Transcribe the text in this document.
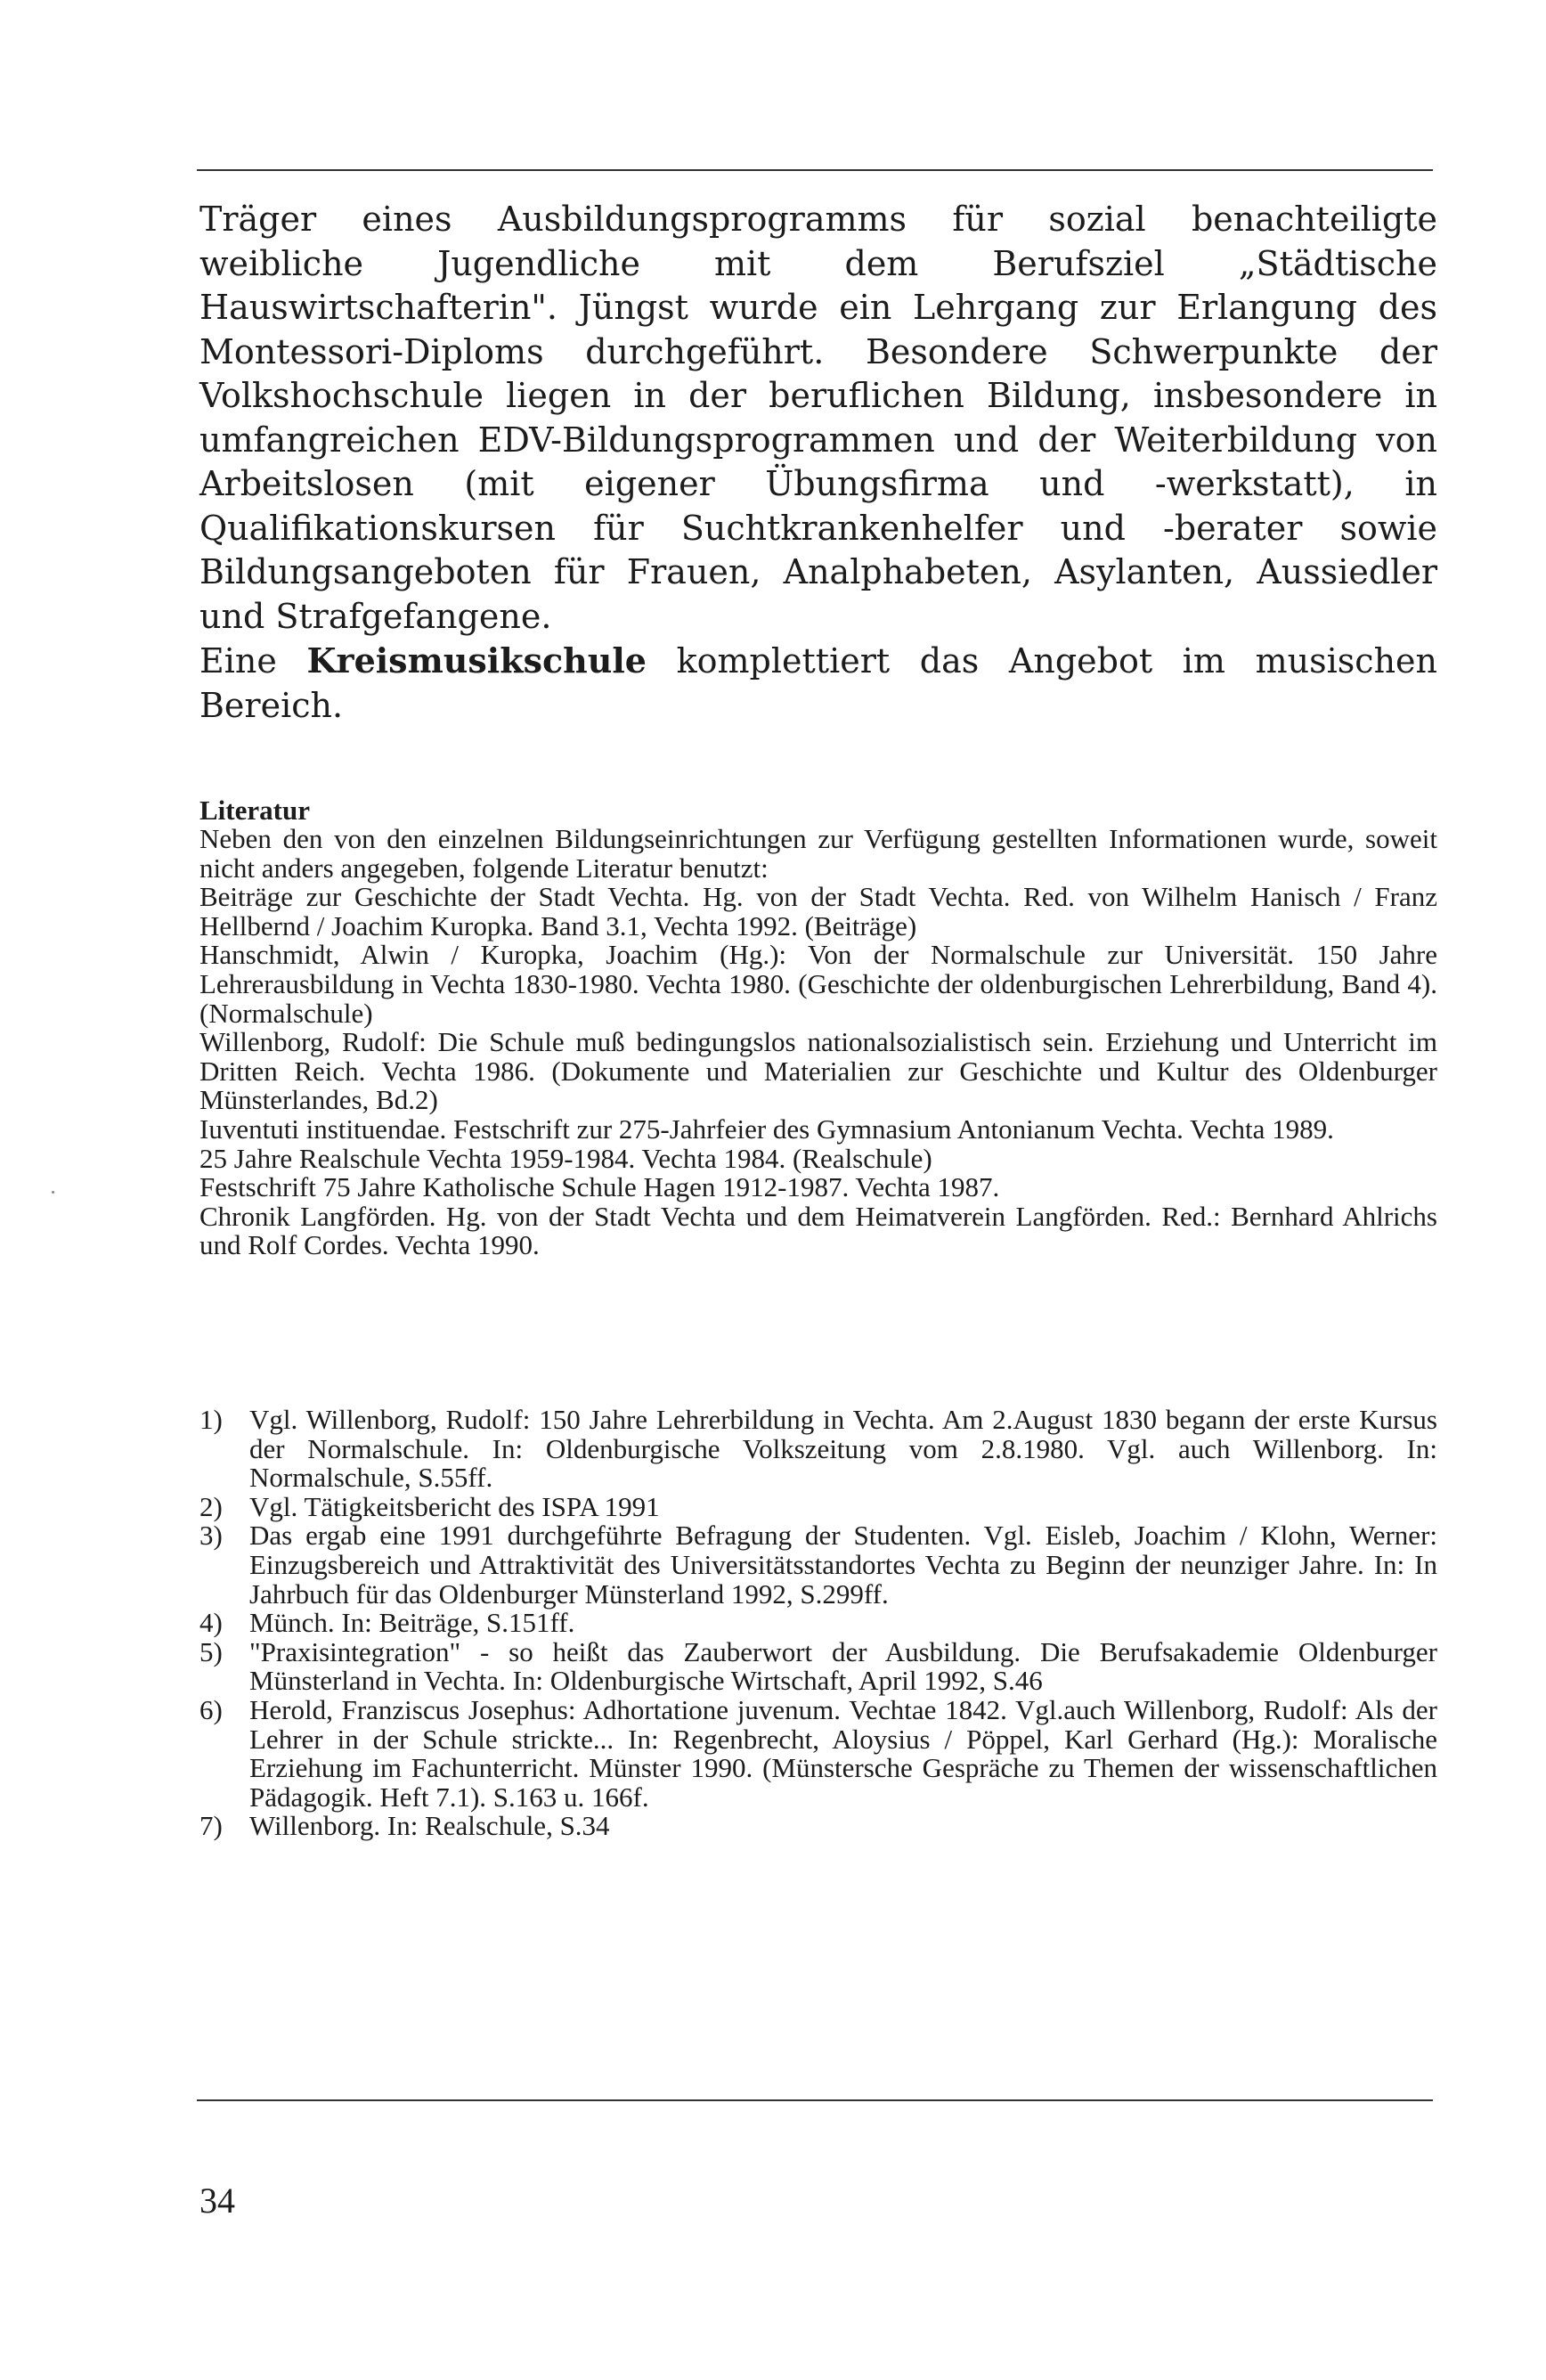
Träger eines Ausbildungsprogramms für sozial benachteiligte weibliche Jugendliche mit dem Berufsziel „Städtische Hauswirtschafterin". Jüngst wurde ein Lehrgang zur Erlangung des Montessori-Diploms durchgeführt. Besondere Schwerpunkte der Volkshochschule liegen in der beruflichen Bildung, insbesondere in umfangreichen EDV-Bildungsprogrammen und der Weiterbildung von Arbeitslosen (mit eigener Übungsfirma und -werkstatt), in Qualifikationskursen für Suchtkrankenhelfer und -berater sowie Bildungsangeboten für Frauen, Analphabeten, Asylanten, Aussiedler und Strafgefangene.

Eine Kreismusikschule komplettiert das Angebot im musischen Bereich.

Literatur

Neben den von den einzelnen Bildungseinrichtungen zur Verfügung gestellten Informationen wurde, soweit nicht anders angegeben, folgende Literatur benutzt:

Beiträge zur Geschichte der Stadt Vechta. Hg. von der Stadt Vechta. Red. von Wilhelm Hanisch / Franz Hellbernd / Joachim Kuropka. Band 3.1, Vechta 1992. (Beiträge)

Hanschmidt, Alwin / Kuropka, Joachim (Hg.): Von der Normalschule zur Universität. 150 Jahre Lehrerausbildung in Vechta 1830-1980. Vechta 1980. (Geschichte der oldenburgischen Lehrerbildung, Band 4). (Normalschule)

Willenborg, Rudolf: Die Schule muß bedingungslos nationalsozialistisch sein. Erziehung und Unterricht im Dritten Reich. Vechta 1986. (Dokumente und Materialien zur Geschichte und Kultur des Oldenburger Münsterlandes, Bd.2)

Iuventuti instituendae. Festschrift zur 275-Jahrfeier des Gymnasium Antonianum Vechta. Vechta 1989.

25 Jahre Realschule Vechta 1959-1984. Vechta 1984. (Realschule)

Festschrift 75 Jahre Katholische Schule Hagen 1912-1987. Vechta 1987.

Chronik Langförden. Hg. von der Stadt Vechta und dem Heimatverein Langförden. Red.: Bernhard Ahlrichs und Rolf Cordes. Vechta 1990.

1) Vgl. Willenborg, Rudolf: 150 Jahre Lehrerbildung in Vechta. Am 2.August 1830 begann der erste Kursus der Normalschule. In: Oldenburgische Volkszeitung vom 2.8.1980. Vgl. auch Willenborg. In: Normalschule, S.55ff.
2) Vgl. Tätigkeitsbericht des ISPA 1991
3) Das ergab eine 1991 durchgeführte Befragung der Studenten. Vgl. Eisleb, Joachim / Klohn, Werner: Einzugsbereich und Attraktivität des Universitätsstandortes Vechta zu Beginn der neunziger Jahre. In: In Jahrbuch für das Oldenburger Münsterland 1992, S.299ff.
4) Münch. In: Beiträge, S.151ff.
5) "Praxisintegration" - so heißt das Zauberwort der Ausbildung. Die Berufsakademie Oldenburger Münsterland in Vechta. In: Oldenburgische Wirtschaft, April 1992, S.46
6) Herold, Franziscus Josephus: Adhortatione juvenum. Vechtae 1842. Vgl.auch Willenborg, Rudolf: Als der Lehrer in der Schule strickte... In: Regenbrecht, Aloysius / Pöppel, Karl Gerhard (Hg.): Moralische Erziehung im Fachunterricht. Münster 1990. (Münstersche Gespräche zu Themen der wissenschaftlichen Pädagogik. Heft 7.1). S.163 u. 166f.
7) Willenborg. In: Realschule, S.34
34
